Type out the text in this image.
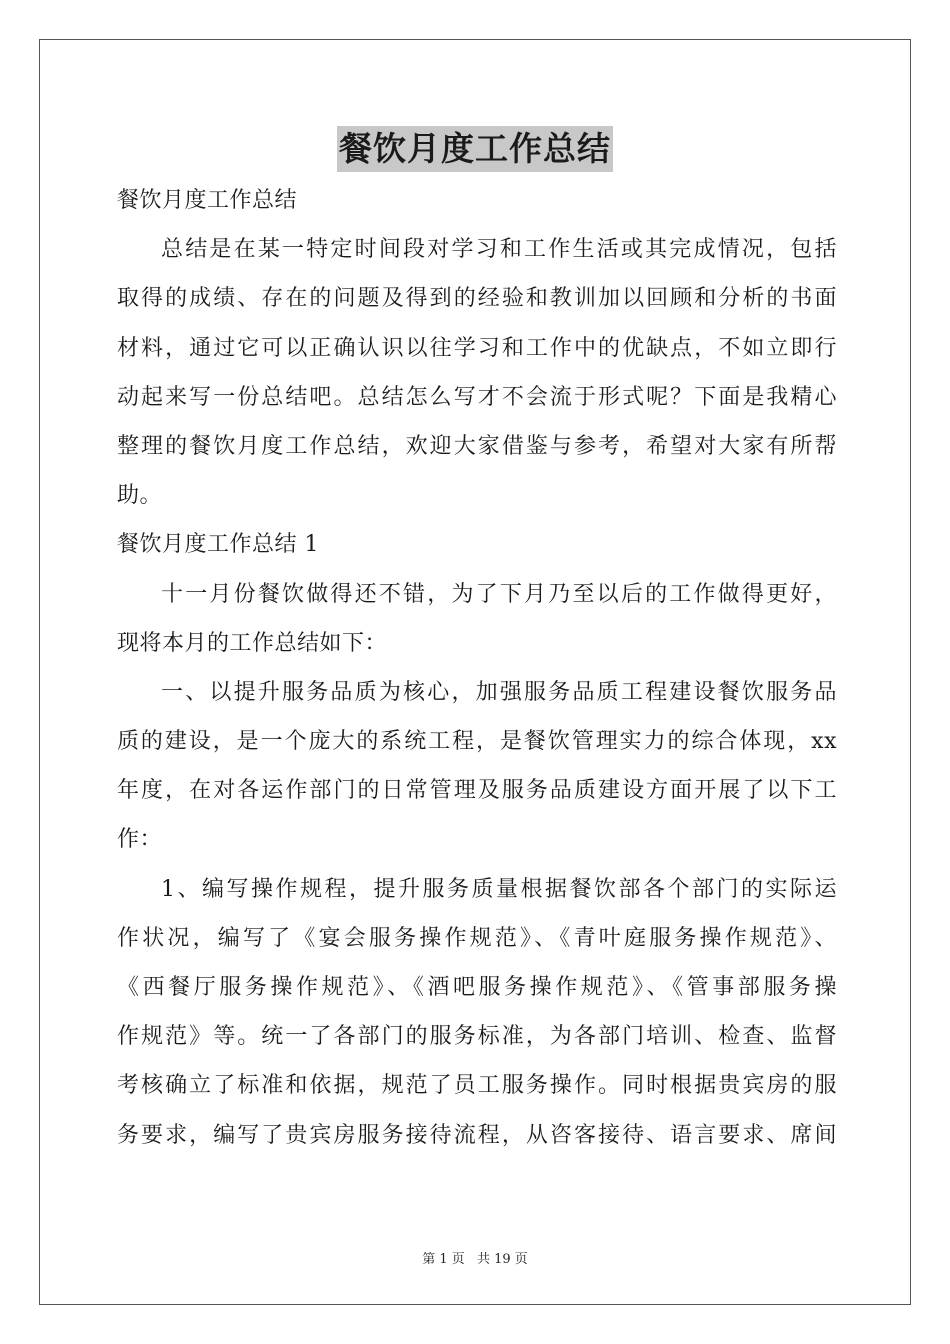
餐饮月度工作总结
餐饮月度工作总结
总结是在某一特定时间段对学习和工作生活或其完成情况，包括
取得的成绩、存在的问题及得到的经验和教训加以回顾和分析的书面
材料，通过它可以正确认识以往学习和工作中的优缺点，不如立即行
动起来写一份总结吧。总结怎么写才不会流于形式呢？下面是我精心
整理的餐饮月度工作总结，欢迎大家借鉴与参考，希望对大家有所帮
助。
餐饮月度工作总结 1
十一月份餐饮做得还不错，为了下月乃至以后的工作做得更好，
现将本月的工作总结如下：
一、以提升服务品质为核心，加强服务品质工程建设餐饮服务品
质的建设，是一个庞大的系统工程，是餐饮管理实力的综合体现，xx
年度，在对各运作部门的日常管理及服务品质建设方面开展了以下工
作：
1、编写操作规程，提升服务质量根据餐饮部各个部门的实际运
作状况，编写了《宴会服务操作规范》、《青叶庭服务操作规范》、
《西餐厅服务操作规范》、《酒吧服务操作规范》、《管事部服务操
作规范》等。统一了各部门的服务标准，为各部门培训、检查、监督
考核确立了标准和依据，规范了员工服务操作。同时根据贵宾房的服
务要求，编写了贵宾房服务接待流程，从咨客接待、语言要求、席间
第 1 页 共 19 页
